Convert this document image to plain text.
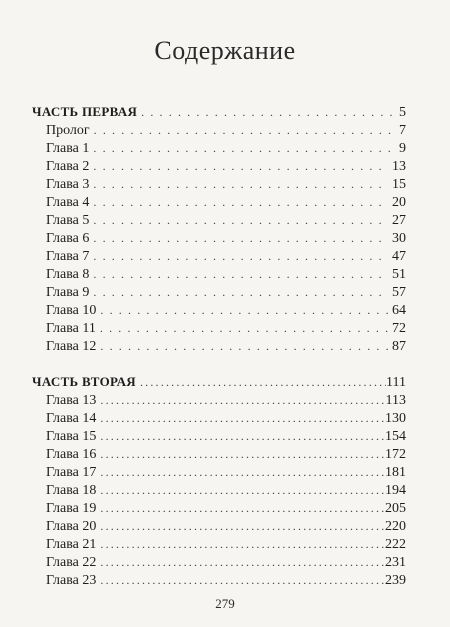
Содержание
ЧАСТЬ ПЕРВАЯ . . .	5
Пролог . . .	7
Глава 1 . . .	9
Глава 2 . . .	13
Глава 3 . . .	15
Глава 4 . . .	20
Глава 5 . . .	27
Глава 6 . . .	30
Глава 7 . . .	47
Глава 8 . . .	51
Глава 9 . . .	57
Глава 10 . . .	64
Глава 11 . . .	72
Глава 12 . . .	87
ЧАСТЬ ВТОРАЯ .....	111
Глава 13 .....	113
Глава 14 .....	130
Глава 15 .....	154
Глава 16 .....	172
Глава 17 .....	181
Глава 18 .....	194
Глава 19 .....	205
Глава 20 .....	220
Глава 21 .....	222
Глава 22 .....	231
Глава 23 .....	239
279
